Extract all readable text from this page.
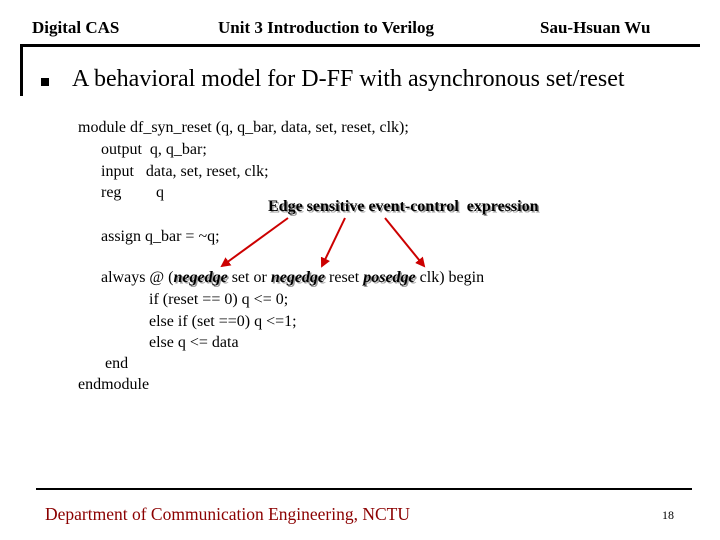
Digital CAS	Unit 3 Introduction to Verilog	Sau-Hsuan Wu
A behavioral model for D-FF with asynchronous set/reset
module df_syn_reset (q, q_bar, data, set, reset, clk);
output  q, q_bar;
input   data, set, reset, clk;
reg q
Edge sensitive event-control  expression
assign q_bar = ~q;
always @ (negedge set or negedge reset posedge clk) begin
if (reset == 0) q <= 0;
else if (set ==0) q <=1;
else q <= data
end
endmodule
Department of Communication Engineering, NCTU	18
